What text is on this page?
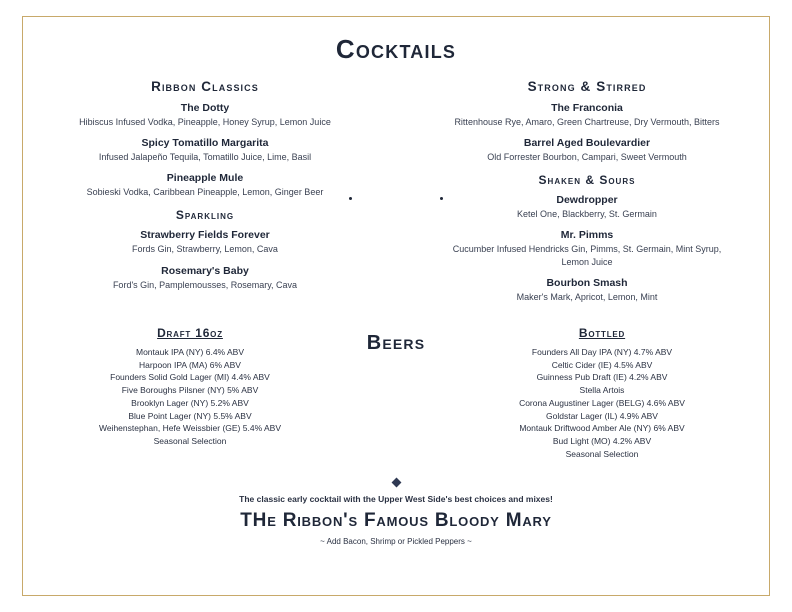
Cocktails
Ribbon Classics
The Dotty
Hibiscus Infused Vodka, Pineapple, Honey Syrup, Lemon Juice
Spicy Tomatillo Margarita
Infused Jalapeño Tequila, Tomatillo Juice, Lime, Basil
Pineapple Mule
Sobieski Vodka, Caribbean Pineapple, Lemon, Ginger Beer
Sparkling
Strawberry Fields Forever
Fords Gin, Strawberry, Lemon, Cava
Rosemary's Baby
Ford's Gin, Pamplemousses, Rosemary, Cava
Strong & Stirred
The Franconia
Rittenhouse Rye, Amaro, Green Chartreuse, Dry Vermouth, Bitters
Barrel Aged Boulevardier
Old Forrester Bourbon, Campari, Sweet Vermouth
Shaken & Sours
Dewdropper
Ketel One, Blackberry, St. Germain
Mr. Pimms
Cucumber Infused Hendricks Gin, Pimms, St. Germain, Mint Syrup, Lemon Juice
Bourbon Smash
Maker's Mark, Apricot, Lemon, Mint
Beers
Draft 16oz
Montauk IPA (NY) 6.4% ABV
Harpoon IPA (MA) 6% ABV
Founders Solid Gold Lager (MI) 4.4% ABV
Five Boroughs Pilsner (NY) 5% ABV
Brooklyn Lager (NY) 5.2% ABV
Blue Point Lager (NY) 5.5% ABV
Weihenstephan, Hefe Weissbier (GE) 5.4% ABV
Seasonal Selection
Bottled
Founders All Day IPA (NY) 4.7% ABV
Celtic Cider (IE) 4.5% ABV
Guinness Pub Draft (IE) 4.2% ABV
Stella Artois
Corona Augustiner Lager (BELG) 4.6% ABV
Goldstar Lager (IL) 4.9% ABV
Montauk Driftwood Amber Ale (NY) 6% ABV
Bud Light (MO) 4.2% ABV
Seasonal Selection
The classic early cocktail with the Upper West Side's best choices and mixes!
THe Ribbon's Famous Bloody Mary
~ Add Bacon, Shrimp or Pickled Peppers ~
